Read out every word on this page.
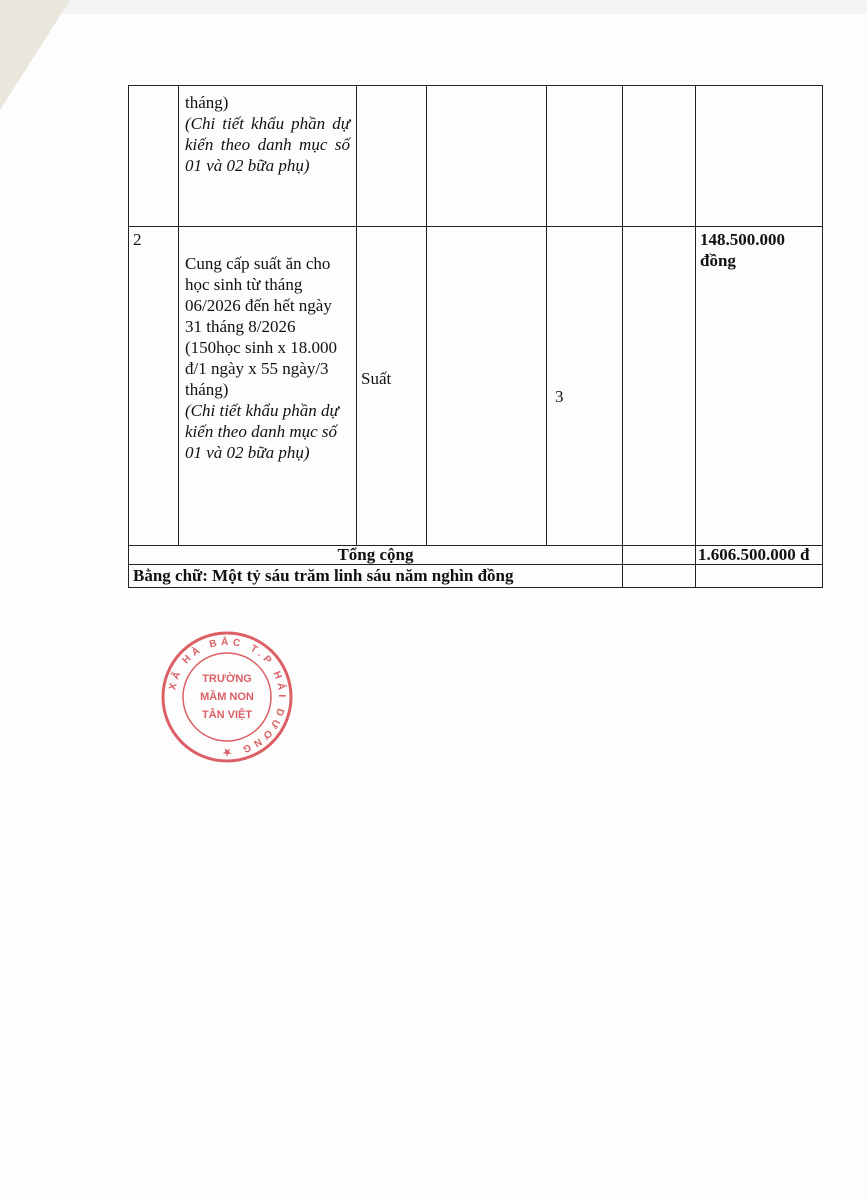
	tháng)
(Chi tiết khẩu phần dự kiến theo danh mục số 01 và 02 bữa phụ)					

2	Cung cấp suất ăn cho học sinh từ tháng 06/2026 đến hết ngày 31 tháng 8/2026 (150học sinh x 18.000 đ/1 ngày x 55 ngày/3 tháng)
(Chi tiết khẩu phần dự kiến theo danh mục số 01 và 02 bữa phụ)	Suất		3		148.500.000 đồng
Tổng cộng						1.606.500.000 đ
Bằng chữ: Một tỷ sáu trăm linh sáu năm nghìn đồng						
XÃ HÀ BẮC T.P HẢI DƯƠNG ★
TRƯỜNG
MẦM NON
TÂN VIỆT
